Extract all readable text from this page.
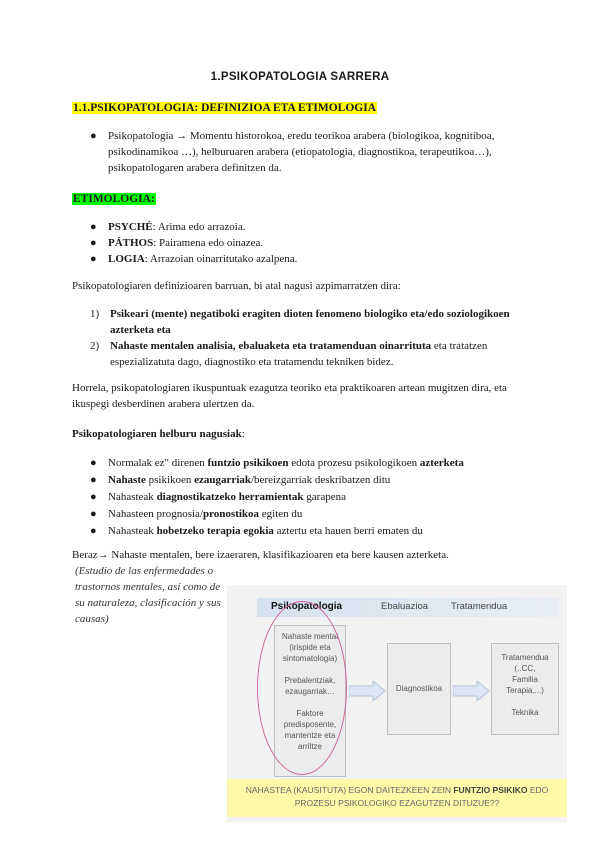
1.PSIKOPATOLOGIA SARRERA
1.1.PSIKOPATOLOGIA: DEFINIZIOA ETA ETIMOLOGIA
●	Psikopatologia → Momentu historokoa, eredu teorikoa arabera (biologikoa, kognitiboa, psikodinamikoa …), helburuaren arabera (etiopatologia, diagnostikoa, terapeutikoa…), psikopatologaren arabera definitzen da.
ETIMOLOGIA:
●	PSYCHÉ: Arima edo arrazoia.
●	PÁTHOS: Pairamena edo oinazea.
●	LOGIA: Arrazoian oinarritutako azalpena.
Psikopatologiaren definizioaren barruan, bi atal nagusi azpimarratzen dira:
1) Psikeari (mente) negatiboki eragiten dioten fenomeno biologiko eta/edo soziologikoen azterketa eta
2) Nahaste mentalen analisia, ebaluaketa eta tratamenduan oinarrituta eta tratatzen espezializatuta dago, diagnostiko eta tratamendu tekniken bidez.
Horrela, psikopatologiaren ikuspuntuak ezagutza teoriko eta praktikoaren artean mugitzen dira, eta ikuspegi desberdinen arabera ulertzen da.
Psikopatologiaren helburu nagusiak:
●	Normalak ez" direnen funtzio psikikoen edota prozesu psikologikoen azterketa
●	Nahaste psikikoen ezaugarriak/bereizgarriak deskribatzen ditu
●	Nahasteak diagnostikatzeko herramientak garapena
●	Nahasteen prognosia/pronostikoa egiten du
●	Nahasteak hobetzeko terapia egokia aztertu eta hauen berri ematen du
Beraz→ Nahaste mentalen, bere izaeraren, klasifikazioaren eta bere kausen azterketa.
(Estudio de las enfermedades o trastornos mentales, así como de su naturaleza, clasificación y sus causas)
Psikopatologia	Ebaluazioa Tratamendua
Nahaste mental
(irispide eta
sintomatologia)
Prebalentziak,
ezaugarriak…
Faktore
predisposente,
mantentze eta
arriltze
Diagnostikoa
Tratamendua
(..CC,
Familia
Terapia,...)
Teknika
NAHASTEA (KAUSITUTA) EGON DAITEZKEEN ZEIN FUNTZIO PSIKIKO EDO PROZESU PSIKOLOGIKO EZAGUTZEN DITUZUE??
